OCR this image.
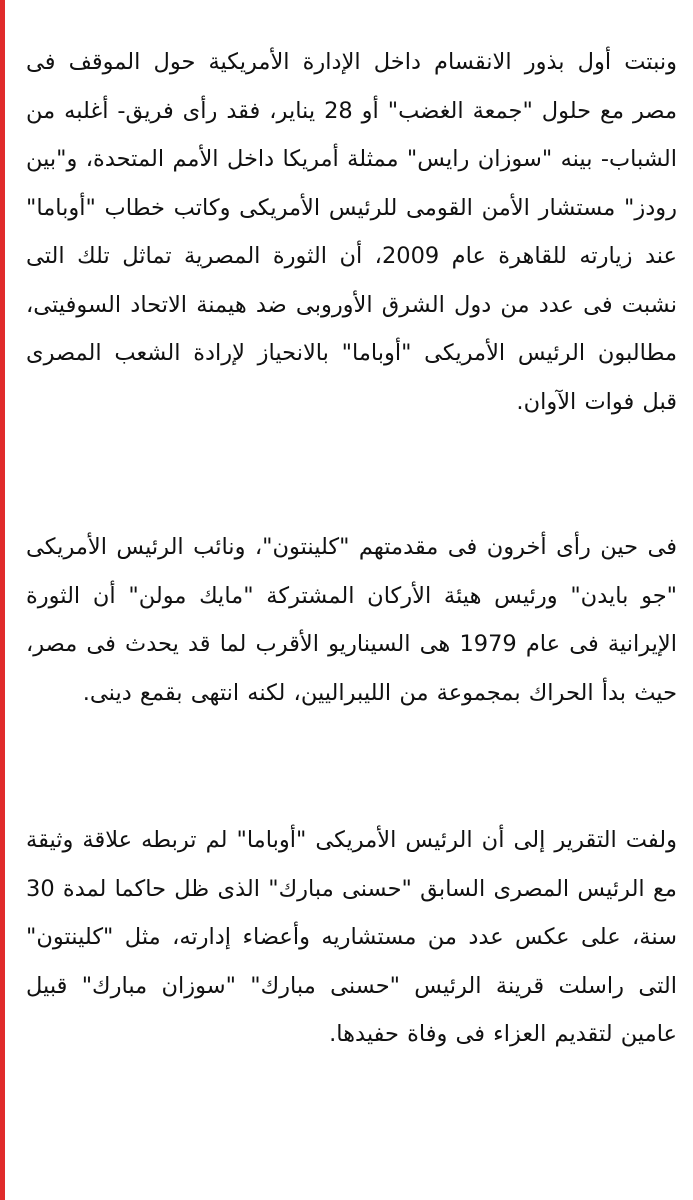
ونبتت أول بذور الانقسام داخل الإدارة الأمريكية حول الموقف فى مصر مع حلول "جمعة الغضب" أو 28 يناير، فقد رأى فريق- أغلبه من الشباب- بينه "سوزان رايس" ممثلة أمريكا داخل الأمم المتحدة، و"بين رودز" مستشار الأمن القومى للرئيس الأمريكى وكاتب خطاب "أوباما" عند زيارته للقاهرة عام 2009، أن الثورة المصرية تماثل تلك التى نشبت فى عدد من دول الشرق الأوروبى ضد هيمنة الاتحاد السوفيتى، مطالبون الرئيس الأمريكى "أوباما" بالانحياز لإرادة الشعب المصرى قبل فوات الآوان.

فى حين رأى أخرون فى مقدمتهم "كلينتون"، ونائب الرئيس الأمريكى "جو بايدن" ورئيس هيئة الأركان المشتركة "مايك مولن" أن الثورة الإيرانية فى عام 1979 هى السيناريو الأقرب لما قد يحدث فى مصر، حيث بدأ الحراك بمجموعة من الليبراليين، لكنه انتهى بقمع دينى.

ولفت التقرير إلى أن الرئيس الأمريكى "أوباما" لم تربطه علاقة وثيقة مع الرئيس المصرى السابق "حسنى مبارك" الذى ظل حاكما لمدة 30 سنة، على عكس عدد من مستشاريه وأعضاء إدارته، مثل "كلينتون" التى راسلت قرينة الرئيس "حسنى مبارك" "سوزان مبارك" قبيل عامين لتقديم العزاء فى وفاة حفيدها.
